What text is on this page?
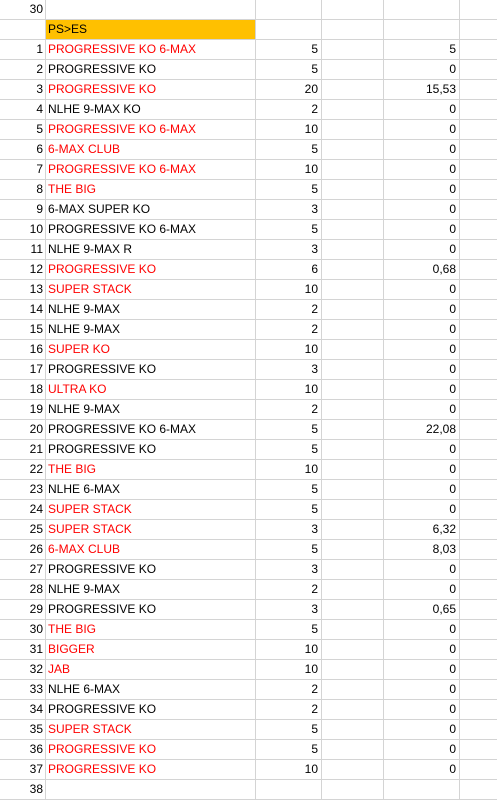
30
PS>ES
1 PROGRESSIVE KO 6-MAX	5	5
2 PROGRESSIVE KO	5	0
3 PROGRESSIVE KO	20	15,53
4 NLHE 9-MAX KO	2	0
5 PROGRESSIVE KO 6-MAX	10	0
6 6-MAX CLUB	5	0
7 PROGRESSIVE KO 6-MAX	10	0
8 THE BIG	5	0
9 6-MAX SUPER KO	3	0
10 PROGRESSIVE KO 6-MAX	5	0
11 NLHE 9-MAX R	3	0
12 PROGRESSIVE KO	6	0,68
13 SUPER STACK	10	0
14 NLHE 9-MAX	2	0
15 NLHE 9-MAX	2	0
16 SUPER KO	10	0
17 PROGRESSIVE KO	3	0
18 ULTRA KO	10	0
19 NLHE 9-MAX	2	0
20 PROGRESSIVE KO 6-MAX	5	22,08
21 PROGRESSIVE KO	5	0
22 THE BIG	10	0
23 NLHE 6-MAX	5	0
24 SUPER STACK	5	0
25 SUPER STACK	3	6,32
26 6-MAX CLUB	5	8,03
27 PROGRESSIVE KO	3	0
28 NLHE 9-MAX	2	0
29 PROGRESSIVE KO	3	0,65
30 THE BIG	5	0
31 BIGGER	10	0
32 JAB	10	0
33 NLHE 6-MAX	2	0
34 PROGRESSIVE KO	2	0
35 SUPER STACK	5	0
36 PROGRESSIVE KO	5	0
37 PROGRESSIVE KO	10	0
38
